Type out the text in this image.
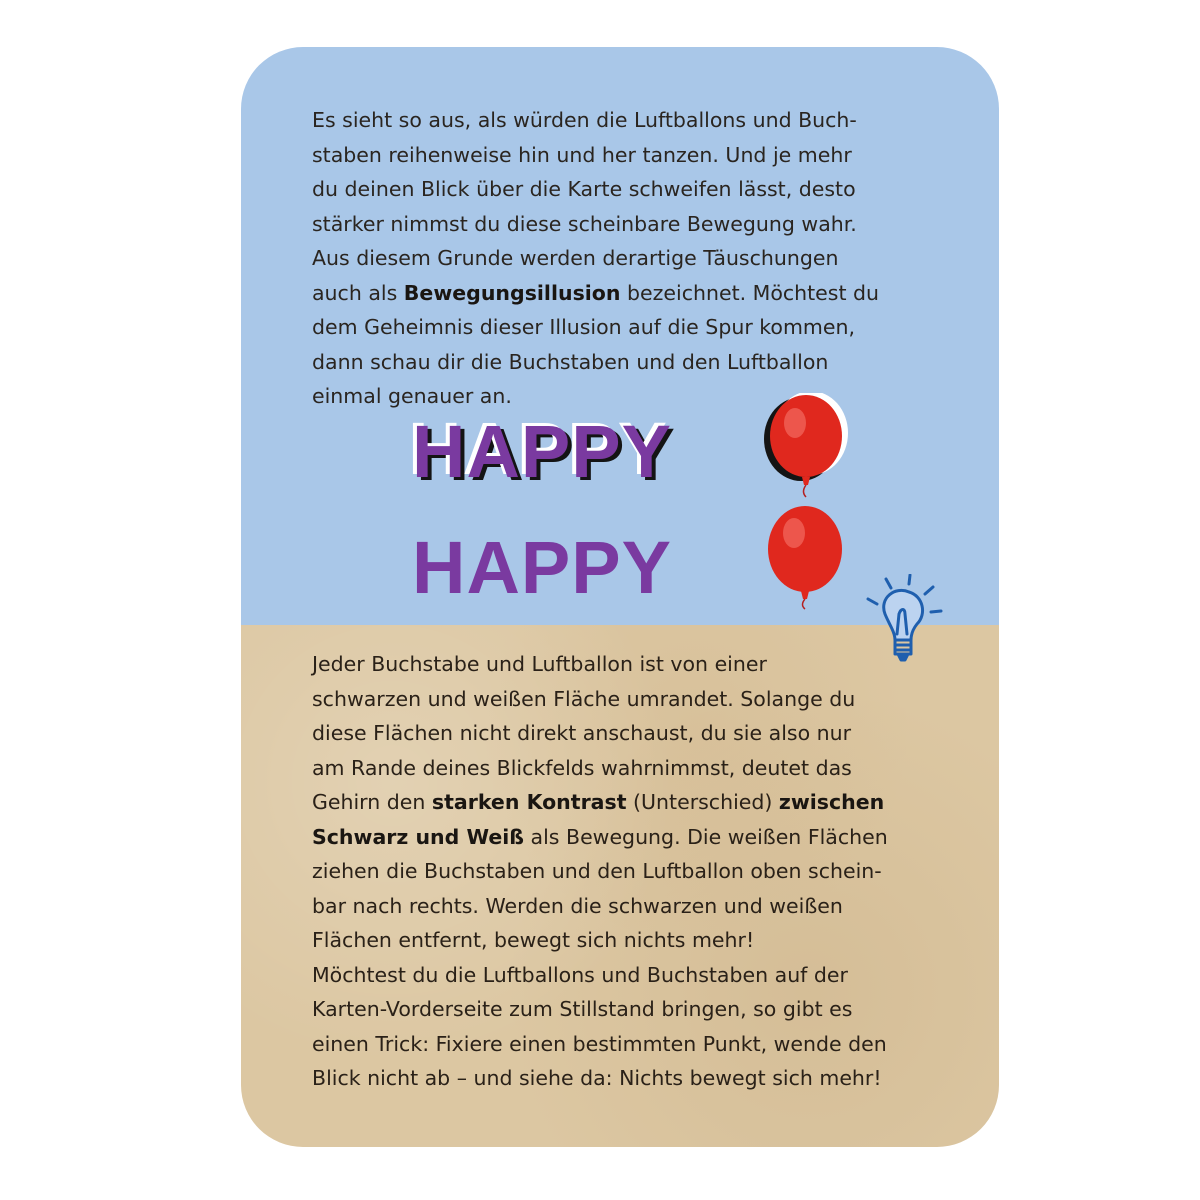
Es sieht so aus, als würden die Luftballons und Buch-
staben reihenweise hin und her tanzen. Und je mehr
du deinen Blick über die Karte schweifen lässt, desto
stärker nimmst du diese scheinbare Bewegung wahr.
Aus diesem Grunde werden derartige Täuschungen
auch als Bewegungsillusion bezeichnet. Möchtest du
dem Geheimnis dieser Illusion auf die Spur kommen,
dann schau dir die Buchstaben und den Luftballon
einmal genauer an.

HAPPY
HAPPY

Jeder Buchstabe und Luftballon ist von einer
schwarzen und weißen Fläche umrandet. Solange du
diese Flächen nicht direkt anschaust, du sie also nur
am Rande deines Blickfelds wahrnimmst, deutet das
Gehirn den starken Kontrast (Unterschied) zwischen
Schwarz und Weiß als Bewegung. Die weißen Flächen
ziehen die Buchstaben und den Luftballon oben schein-
bar nach rechts. Werden die schwarzen und weißen
Flächen entfernt, bewegt sich nichts mehr!
Möchtest du die Luftballons und Buchstaben auf der
Karten-Vorderseite zum Stillstand bringen, so gibt es
einen Trick: Fixiere einen bestimmten Punkt, wende den
Blick nicht ab – und siehe da: Nichts bewegt sich mehr!
